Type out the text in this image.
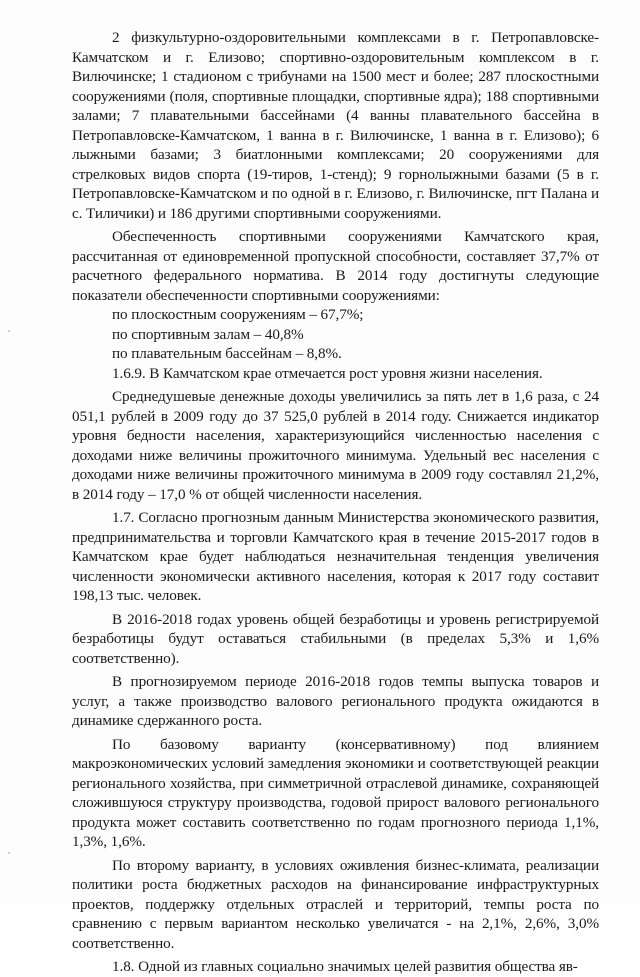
2 физкультурно-оздоровительными комплексами в г. Петропавловске-Камчатском и г. Елизово; спортивно-оздоровительным комплексом в г. Вилючинске; 1 стадионом с трибунами на 1500 мест и более; 287 плоскостными сооружениями (поля, спортивные площадки, спортивные ядра); 188 спортивными залами; 7 плавательными бассейнами (4 ванны плавательного бассейна в Петропавловске-Камчатском, 1 ванна в г. Вилючинске, 1 ванна в г. Елизово); 6 лыжными базами; 3 биатлонными комплексами; 20 сооружениями для стрелковых видов спорта (19-тиров, 1-стенд); 9 горнолыжными базами (5 в г. Петропавловске-Камчатском и по одной в г. Елизово, г. Вилючинске, пгт Палана и с. Тиличики) и 186 другими спортивными сооружениями.

Обеспеченность спортивными сооружениями Камчатского края, рассчитанная от единовременной пропускной способности, составляет 37,7% от расчетного федерального норматива. В 2014 году достигнуты следующие показатели обеспеченности спортивными сооружениями:

по плоскостным сооружениям – 67,7%;

по спортивным залам – 40,8%

по плавательным бассейнам – 8,8%.

1.6.9. В Камчатском крае отмечается рост уровня жизни населения.

Среднедушевые денежные доходы увеличились за пять лет в 1,6 раза, с 24 051,1 рублей в 2009 году до 37 525,0 рублей в 2014 году. Снижается индикатор уровня бедности населения, характеризующийся численностью населения с доходами ниже величины прожиточного минимума. Удельный вес населения с доходами ниже величины прожиточного минимума в 2009 году составлял 21,2%, в 2014 году – 17,0 % от общей численности населения.

1.7. Согласно прогнозным данным Министерства экономического развития, предпринимательства и торговли Камчатского края в течение 2015-2017 годов в Камчатском крае будет наблюдаться незначительная тенденция увеличения численности экономически активного населения, которая к 2017 году составит 198,13 тыс. человек.

В 2016-2018 годах уровень общей безработицы и уровень регистрируемой безработицы будут оставаться стабильными (в пределах 5,3% и 1,6% соответственно).

В прогнозируемом периоде 2016-2018 годов темпы выпуска товаров и услуг, а также производство валового регионального продукта ожидаются в динамике сдержанного роста.

По базовому варианту (консервативному) под влиянием макроэкономических условий замедления экономики и соответствующей реакции регионального хозяйства, при симметричной отраслевой динамике, сохраняющей сложившуюся структуру производства, годовой прирост валового регионального продукта может составить соответственно по годам прогнозного периода 1,1%, 1,3%, 1,6%.

По второму варианту, в условиях оживления бизнес-климата, реализации политики роста бюджетных расходов на финансирование инфраструктурных проектов, поддержку отдельных отраслей и территорий, темпы роста по сравнению с первым вариантом несколько увеличатся - на 2,1%, 2,6%, 3,0% соответственно.

1.8. Одной из главных социально значимых целей развития общества яв-
